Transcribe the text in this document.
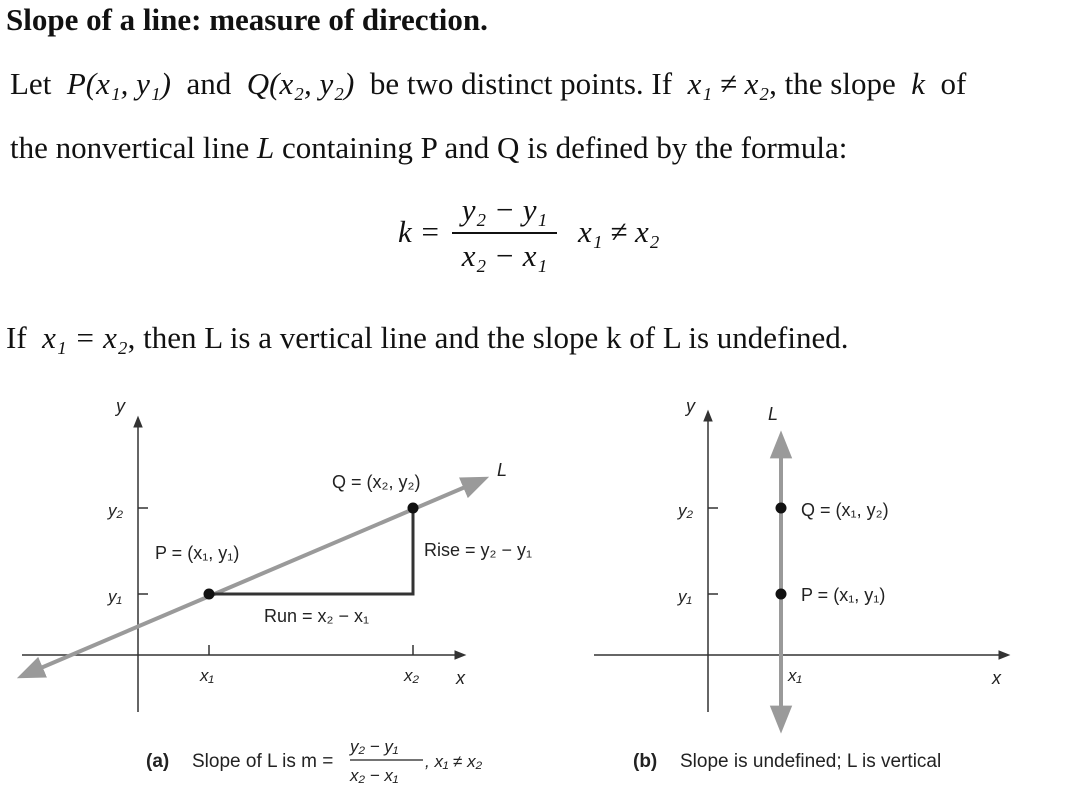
Slope of a line: measure of direction.
Let P(x₁, y₁) and Q(x₂, y₂) be two distinct points. If x₁ ≠ x₂, the slope k of
the nonvertical line L containing P and Q is defined by the formula:
k =
y₂ − y₁
x₂ − x₁
x₁ ≠ x₂
If x₁ = x₂, then L is a vertical line and the slope k of L is undefined.
y
x
L
Q = (x₂, y₂)
P = (x₁, y₁)	Rise = y₂ − y₁
Run = x₂ − x₁
y₂
y₁
x₁	x₂
(a) Slope of L is m =
y₂ − y₁
x₂ − x₁
, x₁ ≠ x₂
y
x
L
Q = (x₁, y₂)
P = (x₁, y₁)
y₂
y₁
x₁
(b) Slope is undefined; L is vertical
